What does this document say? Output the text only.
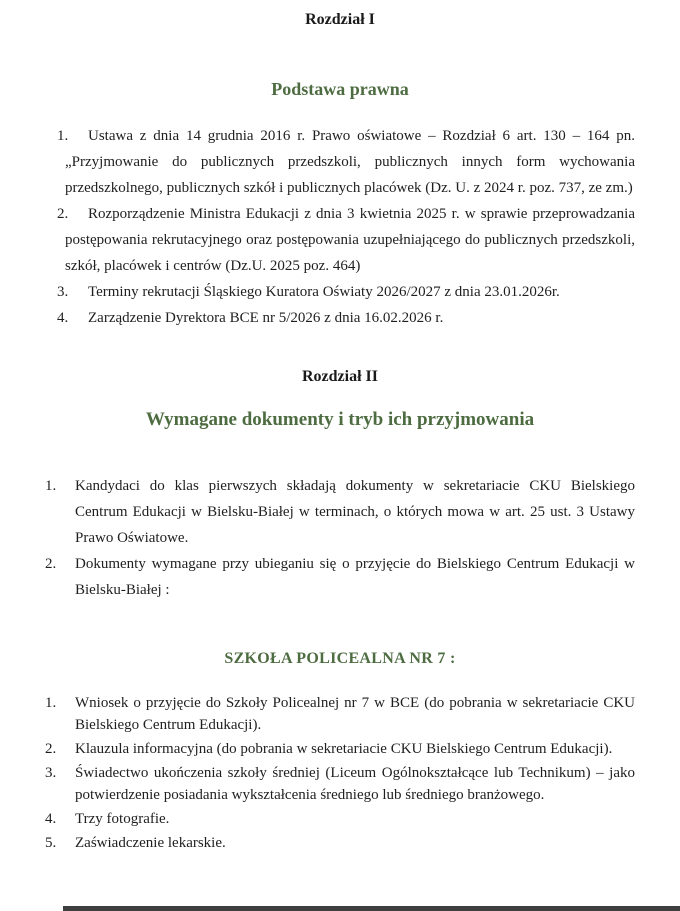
Rozdział I
Podstawa prawna

1. Ustawa z dnia 14 grudnia 2016 r. Prawo oświatowe – Rozdział 6 art. 130 – 164 pn. „Przyjmowanie do publicznych przedszkoli, publicznych innych form wychowania przedszkolnego, publicznych szkół i publicznych placówek (Dz. U. z 2024 r. poz. 737, ze zm.)

2. Rozporządzenie Ministra Edukacji z dnia 3 kwietnia 2025 r. w sprawie przeprowadzania postępowania rekrutacyjnego oraz postępowania uzupełniającego do publicznych przedszkoli, szkół, placówek i centrów (Dz.U. 2025 poz. 464)

3. Terminy rekrutacji Śląskiego Kuratora Oświaty 2026/2027 z dnia 23.01.2026r.

4. Zarządzenie Dyrektora BCE nr 5/2026 z dnia 16.02.2026 r.

Rozdział II
Wymagane dokumenty i tryb ich przyjmowania

1. Kandydaci do klas pierwszych składają dokumenty w sekretariacie CKU Bielskiego Centrum Edukacji w Bielsku-Białej w terminach, o których mowa w art. 25 ust. 3 Ustawy Prawo Oświatowe.

2. Dokumenty wymagane przy ubieganiu się o przyjęcie do Bielskiego Centrum Edukacji w Bielsku-Białej :

SZKOŁA POLICEALNA NR 7 :

1. Wniosek o przyjęcie do Szkoły Policealnej nr 7 w BCE (do pobrania w sekretariacie CKU Bielskiego Centrum Edukacji).

2. Klauzula informacyjna (do pobrania w sekretariacie CKU Bielskiego Centrum Edukacji).

3. Świadectwo ukończenia szkoły średniej (Liceum Ogólnokształcące lub Technikum) – jako potwierdzenie posiadania wykształcenia średniego lub średniego branżowego.

4. Trzy fotografie.

5. Zaświadczenie lekarskie.
